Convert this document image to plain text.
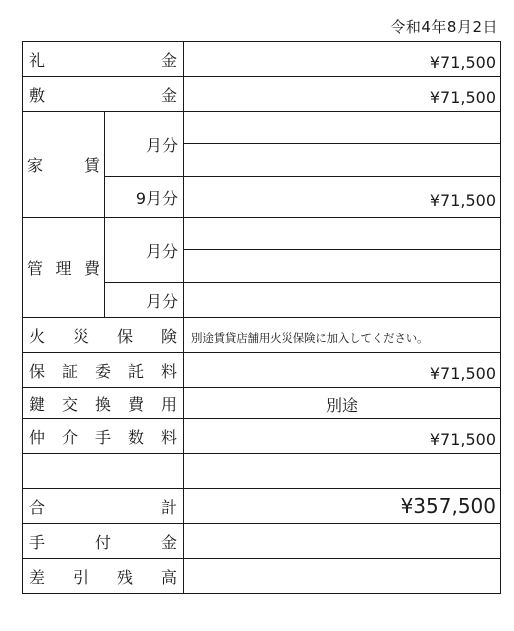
令和4年8月2日
礼金		¥71,500
敷金		¥71,500
家賃	月分	

	9月分	¥71,500
管理費	月分	

	月分	
火災保険		別途賃貸店舗用火災保険に加入してください。
保証委託料		¥71,500
鍵交換費用		別途
仲介手数料		¥71,500

合計		¥357,500
手付金		
差引残高		
